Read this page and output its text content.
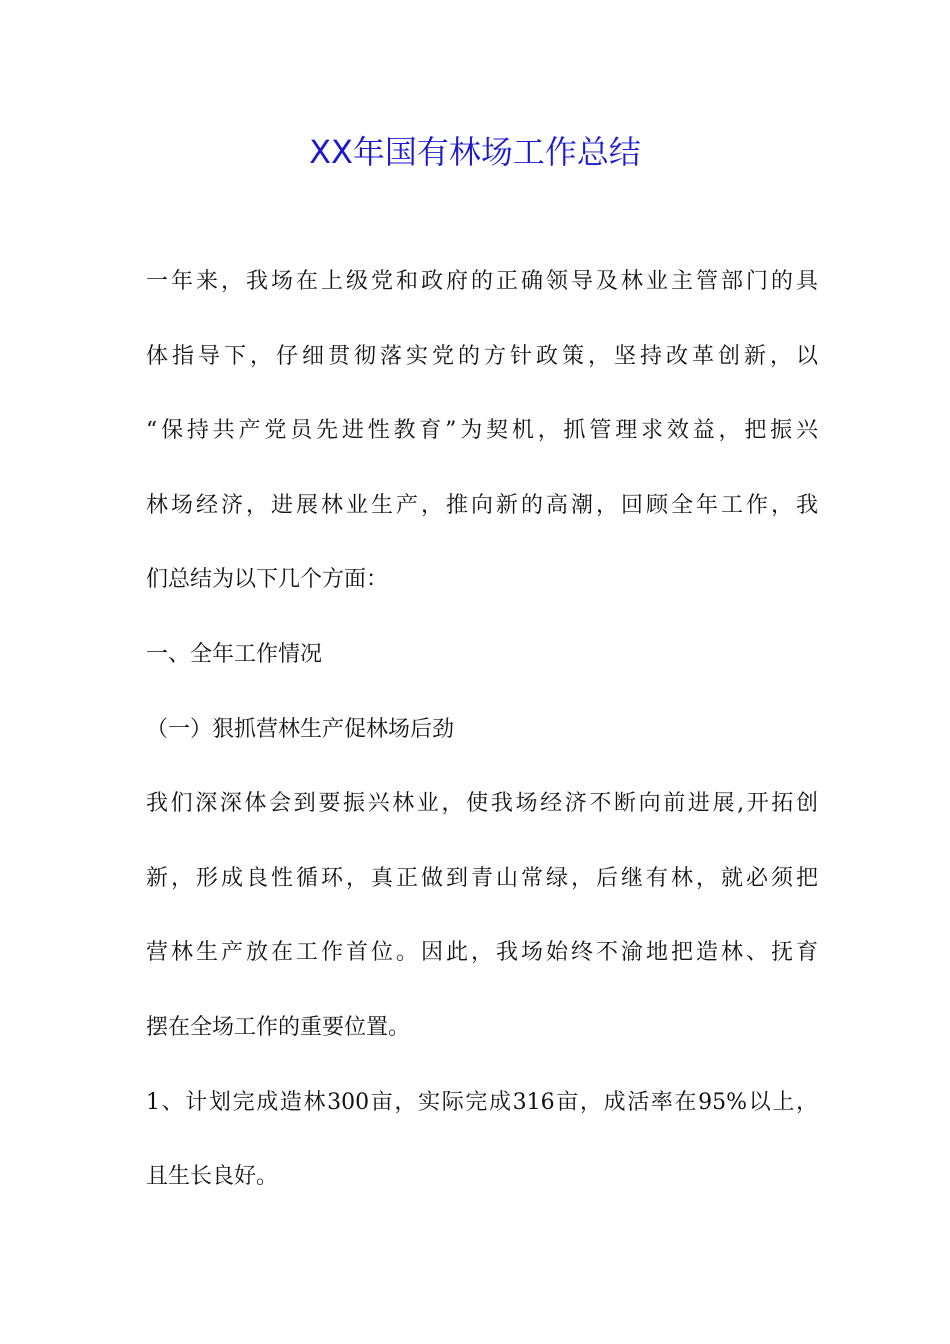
XX年国有林场工作总结
一年来，我场在上级党和政府的正确领导及林业主管部门的具
体指导下，仔细贯彻落实党的方针政策，坚持改革创新，以
“保持共产党员先进性教育”为契机，抓管理求效益，把振兴
林场经济，进展林业生产，推向新的高潮，回顾全年工作，我
们总结为以下几个方面：
一、全年工作情况
（一）狠抓营林生产促林场后劲
我们深深体会到要振兴林业，使我场经济不断向前进展,开拓创
新，形成良性循环，真正做到青山常绿，后继有林，就必须把
营林生产放在工作首位。因此，我场始终不渝地把造林、抚育
摆在全场工作的重要位置。
1、计划完成造林300亩，实际完成316亩，成活率在95%以上，
且生长良好。
